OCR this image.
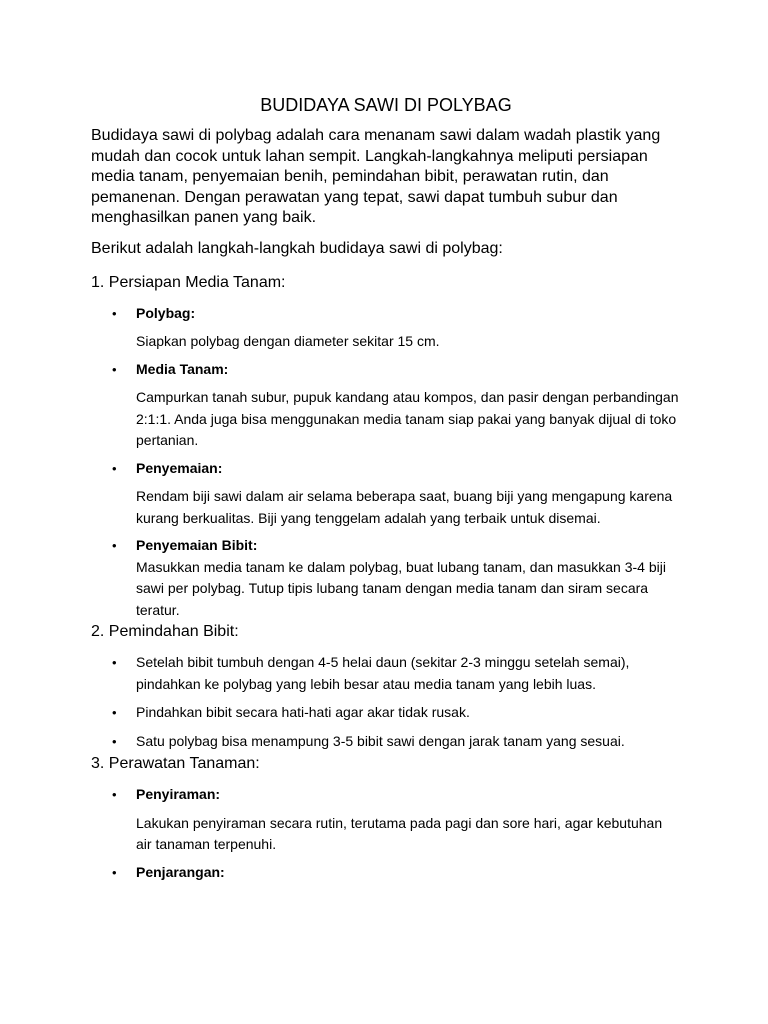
BUDIDAYA SAWI DI POLYBAG

Budidaya sawi di polybag adalah cara menanam sawi dalam wadah plastik yang mudah dan cocok untuk lahan sempit. Langkah-langkahnya meliputi persiapan media tanam, penyemaian benih, pemindahan bibit, perawatan rutin, dan pemanenan. Dengan perawatan yang tepat, sawi dapat tumbuh subur dan menghasilkan panen yang baik.

Berikut adalah langkah-langkah budidaya sawi di polybag:

1. Persiapan Media Tanam:
• Polybag:
Siapkan polybag dengan diameter sekitar 15 cm.
• Media Tanam:
Campurkan tanah subur, pupuk kandang atau kompos, dan pasir dengan perbandingan 2:1:1. Anda juga bisa menggunakan media tanam siap pakai yang banyak dijual di toko pertanian.
• Penyemaian:
Rendam biji sawi dalam air selama beberapa saat, buang biji yang mengapung karena kurang berkualitas. Biji yang tenggelam adalah yang terbaik untuk disemai.
• Penyemaian Bibit:
Masukkan media tanam ke dalam polybag, buat lubang tanam, dan masukkan 3-4 biji sawi per polybag. Tutup tipis lubang tanam dengan media tanam dan siram secara teratur.
2. Pemindahan Bibit:
• Setelah bibit tumbuh dengan 4-5 helai daun (sekitar 2-3 minggu setelah semai), pindahkan ke polybag yang lebih besar atau media tanam yang lebih luas.
• Pindahkan bibit secara hati-hati agar akar tidak rusak.
• Satu polybag bisa menampung 3-5 bibit sawi dengan jarak tanam yang sesuai.
3. Perawatan Tanaman:
• Penyiraman:
Lakukan penyiraman secara rutin, terutama pada pagi dan sore hari, agar kebutuhan air tanaman terpenuhi.
• Penjarangan:
